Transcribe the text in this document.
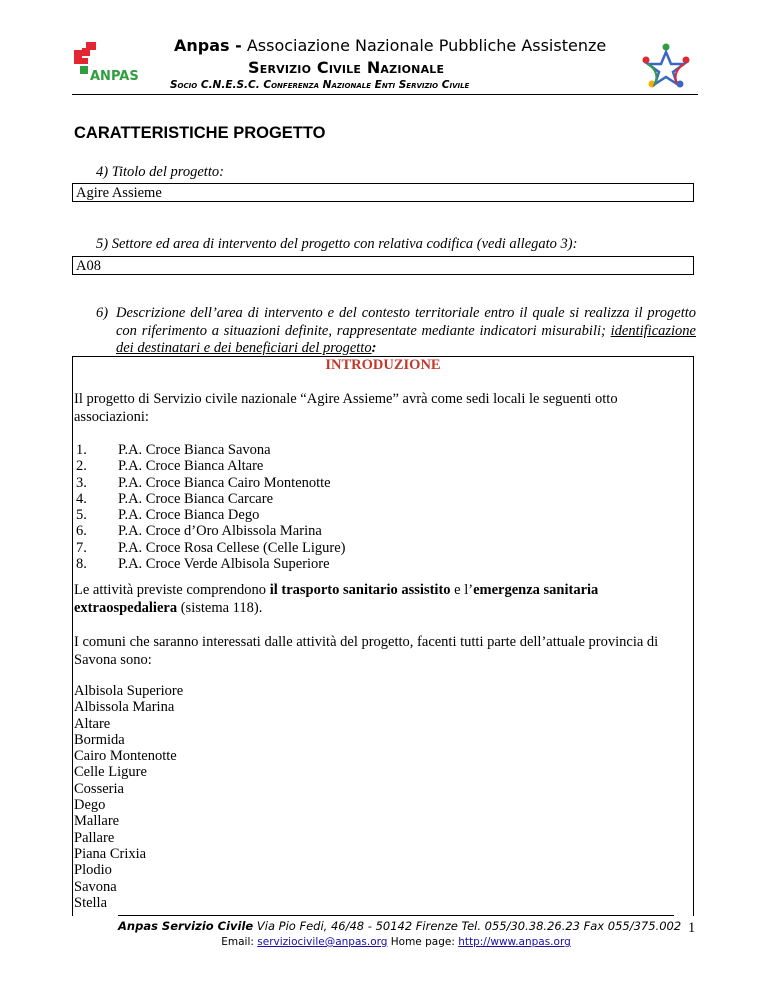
ANPAS
Anpas - Associazione Nazionale Pubbliche Assistenze
Servizio Civile Nazionale
Socio C.N.E.S.C. Conferenza Nazionale Enti Servizio Civile
CARATTERISTICHE PROGETTO
4) Titolo del progetto:
Agire Assieme
5) Settore ed area di intervento del progetto con relativa codifica (vedi allegato 3):
A08
6) Descrizione dell’area di intervento e del contesto territoriale entro il quale si realizza il progetto con riferimento a situazioni definite, rappresentate mediante indicatori misurabili; identificazione dei destinatari e dei beneficiari del progetto:
INTRODUZIONE
Il progetto di Servizio civile nazionale “Agire Assieme” avrà come sedi locali le seguenti otto associazioni:
1. P.A. Croce Bianca Savona
2. P.A. Croce Bianca Altare
3. P.A. Croce Bianca Cairo Montenotte
4. P.A. Croce Bianca Carcare
5. P.A. Croce Bianca Dego
6. P.A. Croce d’Oro Albissola Marina
7. P.A. Croce Rosa Cellese (Celle Ligure)
8. P.A. Croce Verde Albisola Superiore
Le attività previste comprendono il trasporto sanitario assistito e l’emergenza sanitaria extraospedaliera (sistema 118).
I comuni che saranno interessati dalle attività del progetto, facenti tutti parte dell’attuale provincia di Savona sono:
Albisola Superiore
Albissola Marina
Altare
Bormida
Cairo Montenotte
Celle Ligure
Cosseria
Dego
Mallare
Pallare
Piana Crixia
Plodio
Savona
Stella
Anpas Servizio Civile Via Pio Fedi, 46/48 - 50142 Firenze Tel. 055/30.38.26.23 Fax 055/375.002
Email: serviziocivile@anpas.org Home page: http://www.anpas.org
1
